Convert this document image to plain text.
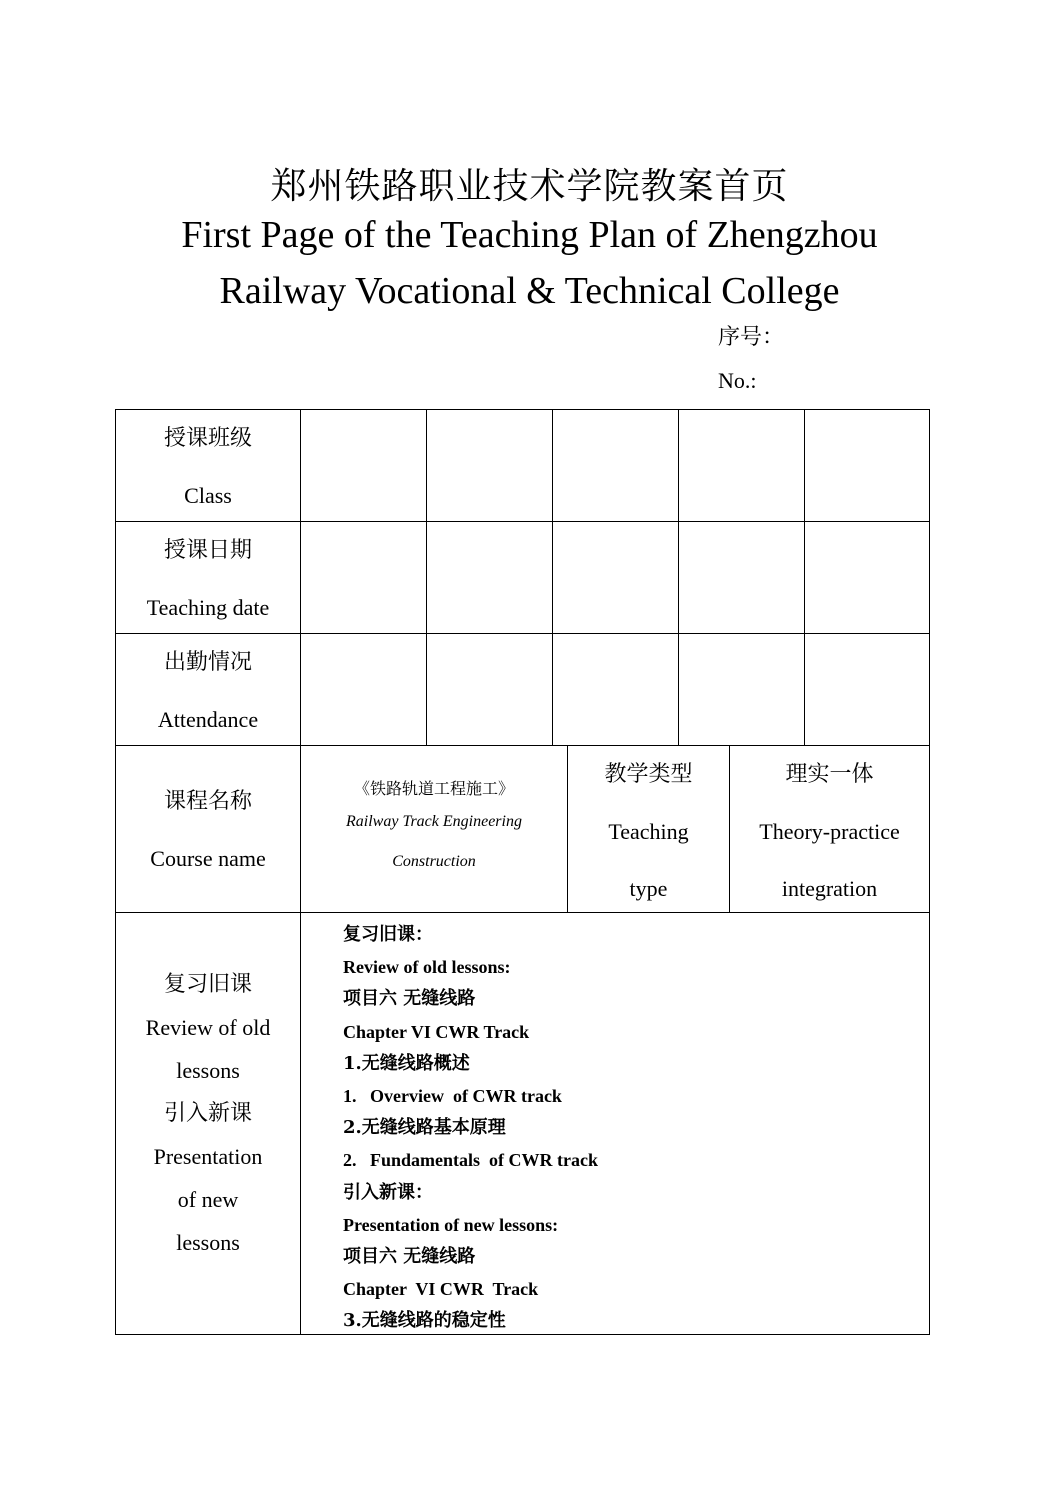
郑州铁路职业技术学院教案首页
First Page of the Teaching Plan of Zhengzhou
Railway Vocational & Technical College
序号：
No.:
授课班级
Class
授课日期
Teaching date
出勤情况
Attendance
课程名称
Course name
《铁路轨道工程施工》
Railway Track Engineering
Construction
教学类型
Teaching
type
理实一体
Theory-practice
integration
复习旧课
Review of old
lessons
引入新课
Presentation
of new
lessons
复习旧课：
Review of old lessons:
项目六 无缝线路
Chapter VI CWR Track
1.无缝线路概述
1.   Overview  of CWR track
2.无缝线路基本原理
2.   Fundamentals  of CWR track
引入新课：
Presentation of new lessons:
项目六 无缝线路
Chapter  VI CWR  Track
3.无缝线路的稳定性
